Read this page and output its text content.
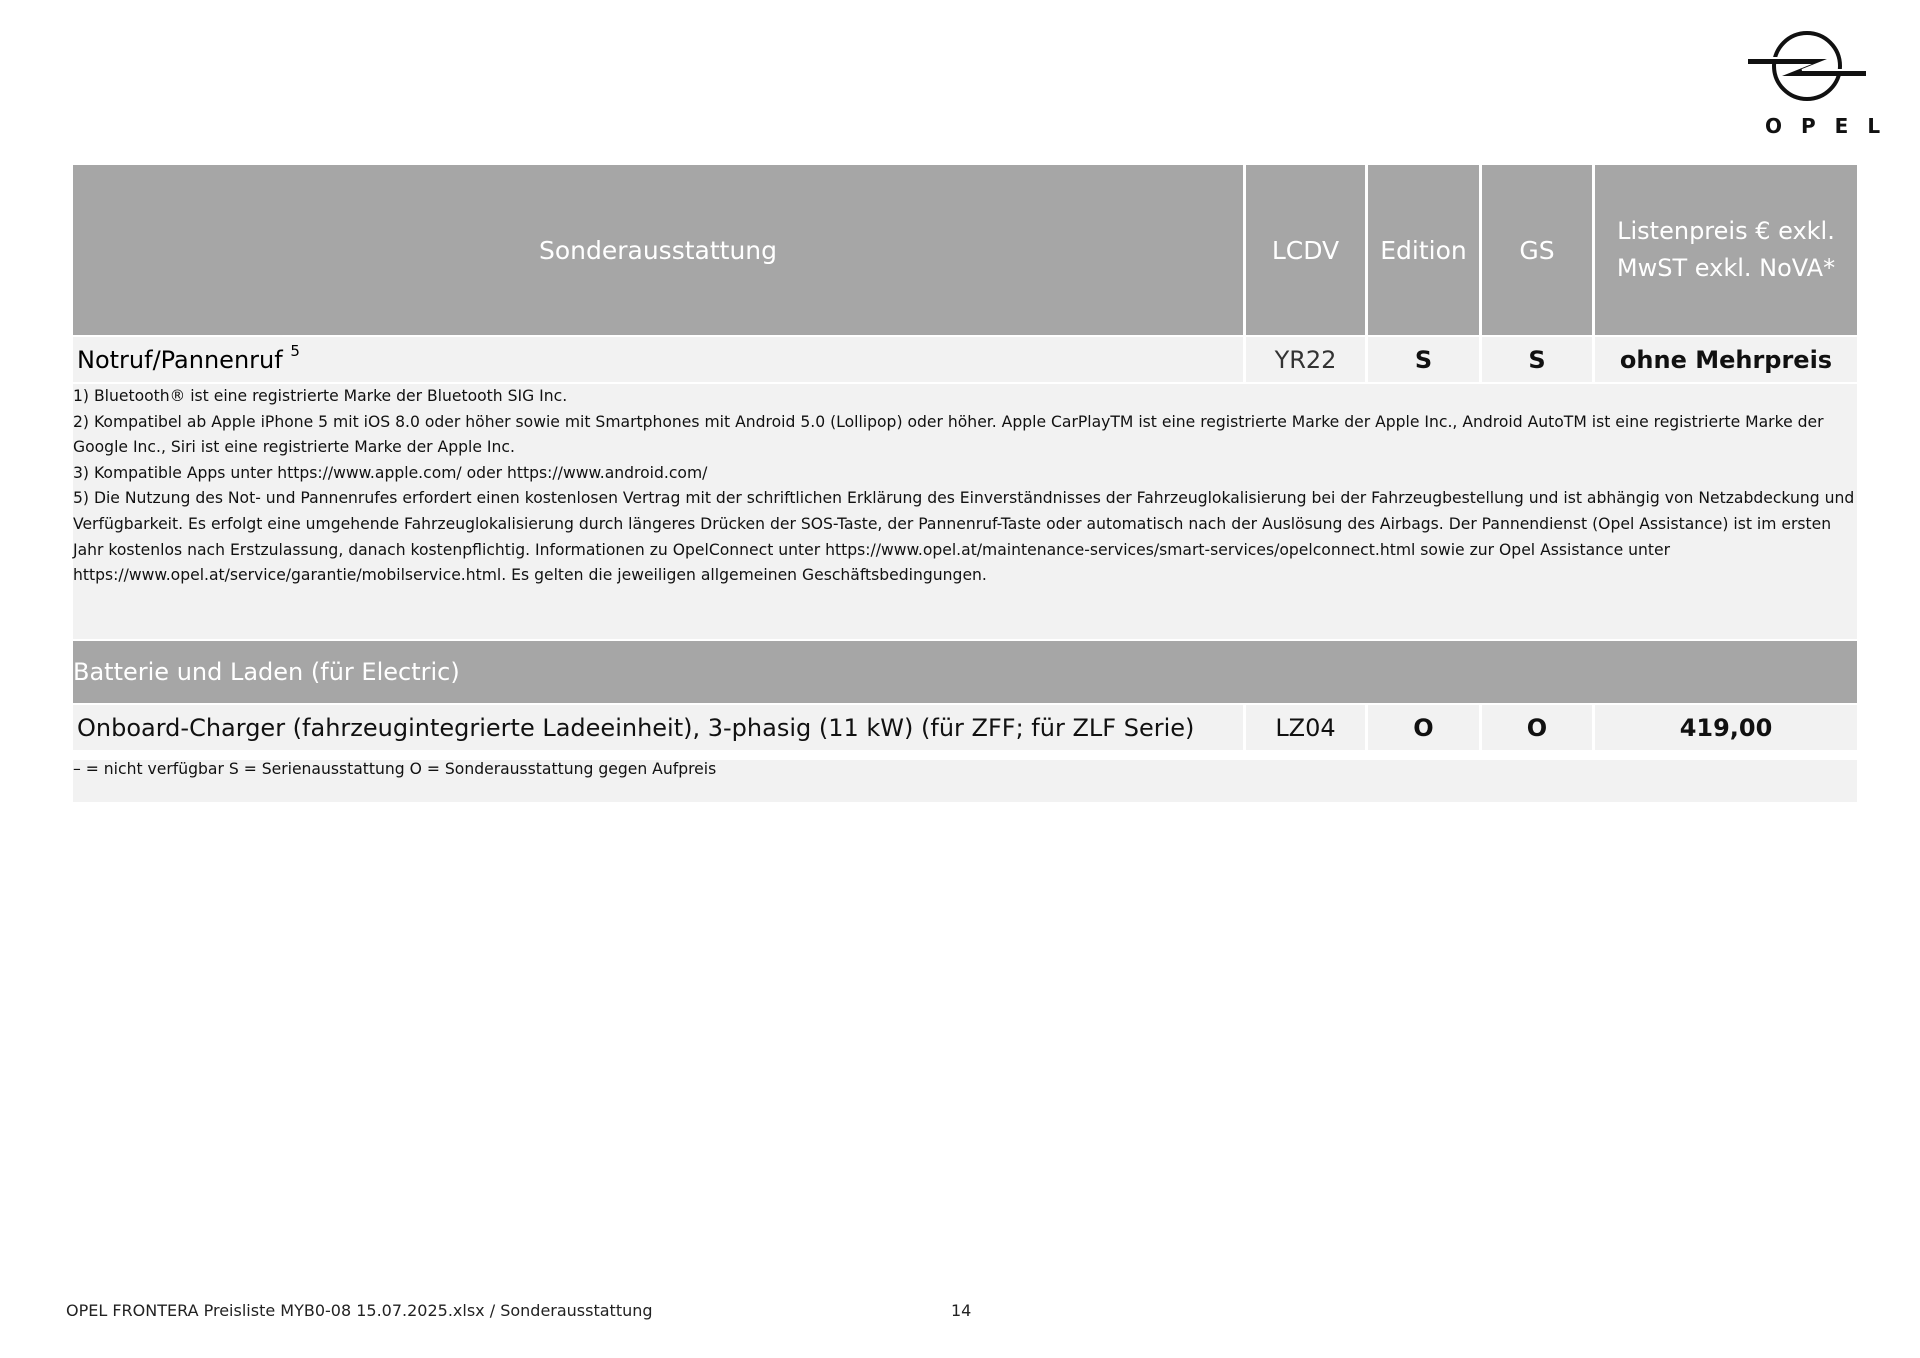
OPEL
Sonderausstattung	LCDV	Edition	GS	Listenpreis € exkl. MwST exkl. NoVA*
Notruf/Pannenruf $^5$	YR22	S	S	ohne Mehrpreis

1) Bluetooth® ist eine registrierte Marke der Bluetooth SIG Inc.

2) Kompatibel ab Apple iPhone 5 mit iOS 8.0 oder höher sowie mit Smartphones mit Android 5.0 (Lollipop) oder höher. Apple CarPlayTM ist eine registrierte Marke der Apple Inc., Android AutoTM ist eine registrierte Marke der Google Inc., Siri ist eine registrierte Marke der Apple Inc.

3) Kompatible Apps unter https://www.apple.com/ oder https://www.android.com/

5) Die Nutzung des Not- und Pannenrufes erfordert einen kostenlosen Vertrag mit der schriftlichen Erklärung des Einverständnisses der Fahrzeuglokalisierung bei der Fahrzeugbestellung und ist abhängig von Netzabdeckung und Verfügbarkeit. Es erfolgt eine umgehende Fahrzeuglokalisierung durch längeres Drücken der SOS-Taste, der Pannenruf-Taste oder automatisch nach der Auslösung des Airbags. Der Pannendienst (Opel Assistance) ist im ersten Jahr kostenlos nach Erstzulassung, danach kostenpflichtig. Informationen zu OpelConnect unter https://www.opel.at/maintenance-services/smart-services/opelconnect.html sowie zur Opel Assistance unter https://www.opel.at/service/garantie/mobilservice.html. Es gelten die jeweiligen allgemeinen Geschäftsbedingungen.				

Batterie und Laden (für Electric)				
Onboard-Charger (fahrzeugintegrierte Ladeeinheit), 3-phasig (11 kW) (für ZFF; für ZLF Serie)	LZ04	O	O	419,00

– = nicht verfügbar S = Serienausstattung O = Sonderausstattung gegen Aufpreis				
OPEL FRONTERA Preisliste MYB0-08 15.07.2025.xlsx / Sonderausstattung	14
